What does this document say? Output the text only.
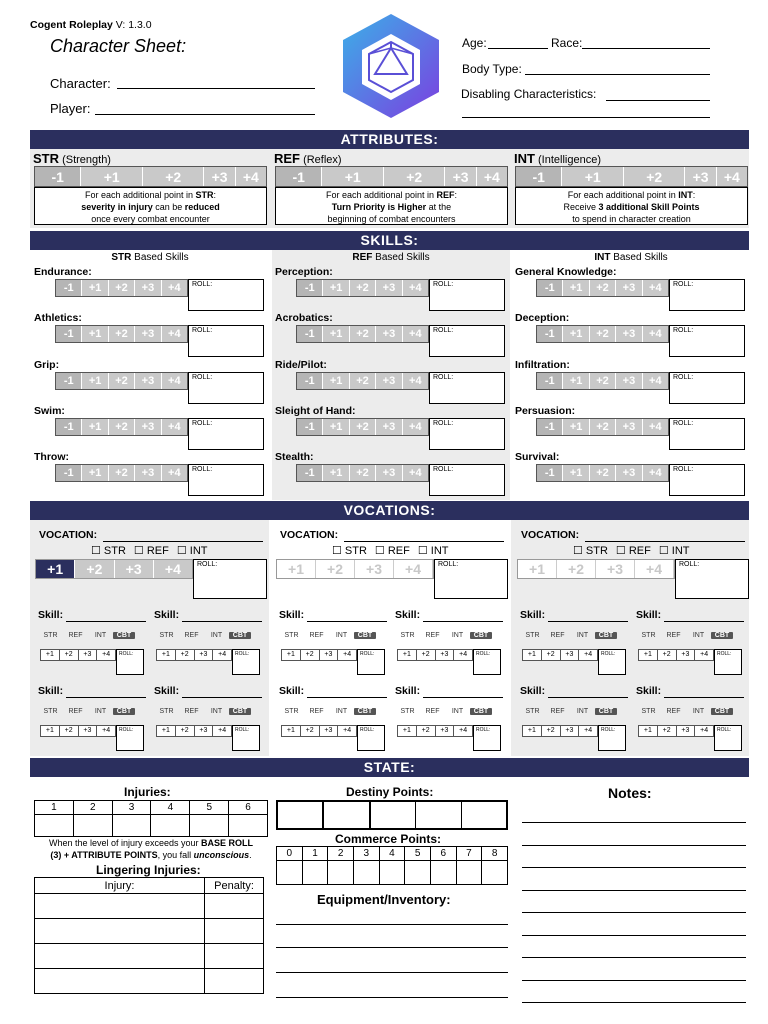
Cogent Roleplay V: 1.3.0
Character Sheet:
Character:
Player:
Age:	Race:
Body Type:
Disabling Characteristics:
ATTRIBUTES:
SKILLS:
VOCATIONS:
STATE:
Injuries:
1	2	3	4	5	6

When the level of injury exceeds your BASE ROLL
(3) + ATTRIBUTE POINTS, you fall unconscious.
Lingering Injuries:
Injury:	Penalty:

Destiny Points:
Commerce Points:
0	1	2	3	4	5	6	7	8

Equipment/Inventory:
Notes:
STR (Strength)
-1	+1	+2	+3	+4
For each additional point in STR:
severity in injury can be reduced
once every combat encounter
REF (Reflex)
-1	+1	+2	+3	+4
For each additional point in REF:
Turn Priority is Higher at the
beginning of combat encounters
INT (Intelligence)
-1	+1	+2	+3	+4
For each additional point in INT:
Receive 3 additional Skill Points
to spend in character creation
STR Based Skills
Endurance:
-1	+1	+2	+3	+4	ROLL:
Athletics:
-1	+1	+2	+3	+4	ROLL:
Grip:
-1	+1	+2	+3	+4	ROLL:
Swim:
-1	+1	+2	+3	+4	ROLL:
Throw:
-1	+1	+2	+3	+4	ROLL:
REF Based Skills
Perception:
-1	+1	+2	+3	+4	ROLL:
Acrobatics:
-1	+1	+2	+3	+4	ROLL:
Ride/Pilot:
-1	+1	+2	+3	+4	ROLL:
Sleight of Hand:
-1	+1	+2	+3	+4	ROLL:
Stealth:
-1	+1	+2	+3	+4	ROLL:
INT Based Skills
General Knowledge:
-1	+1	+2	+3	+4	ROLL:
Deception:
-1	+1	+2	+3	+4	ROLL:
Infiltration:
-1	+1	+2	+3	+4	ROLL:
Persuasion:
-1	+1	+2	+3	+4	ROLL:
Survival:
-1	+1	+2	+3	+4	ROLL:
VOCATION:
☐ STR ☐ REF ☐ INT
+1	+2	+3	+4	ROLL:
Skill:
STR	REF	INT	CBT
+1	+2	+3	+4	ROLL:
Skill:
STR	REF	INT	CBT
+1	+2	+3	+4	ROLL:
Skill:
STR	REF	INT	CBT
+1	+2	+3	+4	ROLL:
Skill:
STR	REF	INT	CBT
+1	+2	+3	+4	ROLL:
VOCATION:
☐ STR ☐ REF ☐ INT
+1	+2	+3	+4	ROLL:
Skill:
STR	REF	INT	CBT
+1	+2	+3	+4	ROLL:
Skill:
STR	REF	INT	CBT
+1	+2	+3	+4	ROLL:
Skill:
STR	REF	INT	CBT
+1	+2	+3	+4	ROLL:
Skill:
STR	REF	INT	CBT
+1	+2	+3	+4	ROLL:
VOCATION:
☐ STR ☐ REF ☐ INT
+1	+2	+3	+4	ROLL:
Skill:
STR	REF	INT	CBT
+1	+2	+3	+4	ROLL:
Skill:
STR	REF	INT	CBT
+1	+2	+3	+4	ROLL:
Skill:
STR	REF	INT	CBT
+1	+2	+3	+4	ROLL:
Skill:
STR	REF	INT	CBT
+1	+2	+3	+4	ROLL:
